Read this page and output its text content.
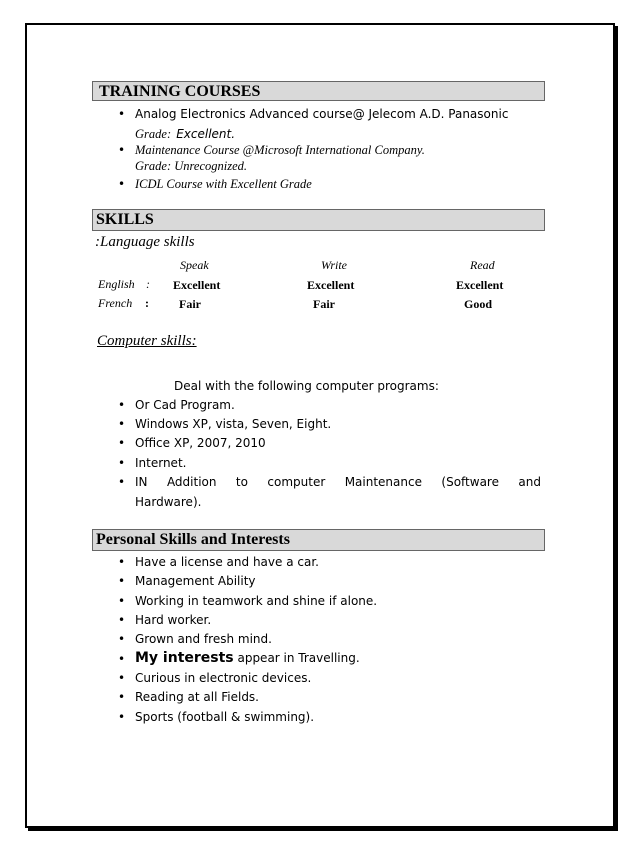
TRAINING COURSES
• Analog Electronics Advanced course@ Jelecom A.D. Panasonic
Grade: Excellent.
• Maintenance Course @Microsoft International Company.
Grade: Unrecognized.
• ICDL Course with Excellent Grade
SKILLS
:Language skills
Speak	Write	Read
English : Excellent	Excellent	Excellent
French :	Fair	Fair	Good
Computer skills:
Deal with the following computer programs:
• Or Cad Program.
• Windows XP, vista, Seven, Eight.
• Office XP, 2007, 2010
• Internet.
• IN Addition to computer Maintenance (Software and
Hardware).
Personal Skills and Interests
• Have a license and have a car.
• Management Ability
• Working in teamwork and shine if alone.
• Hard worker.
• Grown and fresh mind.
• My interests appear in Travelling.
• Curious in electronic devices.
• Reading at all Fields.
• Sports (football & swimming).
